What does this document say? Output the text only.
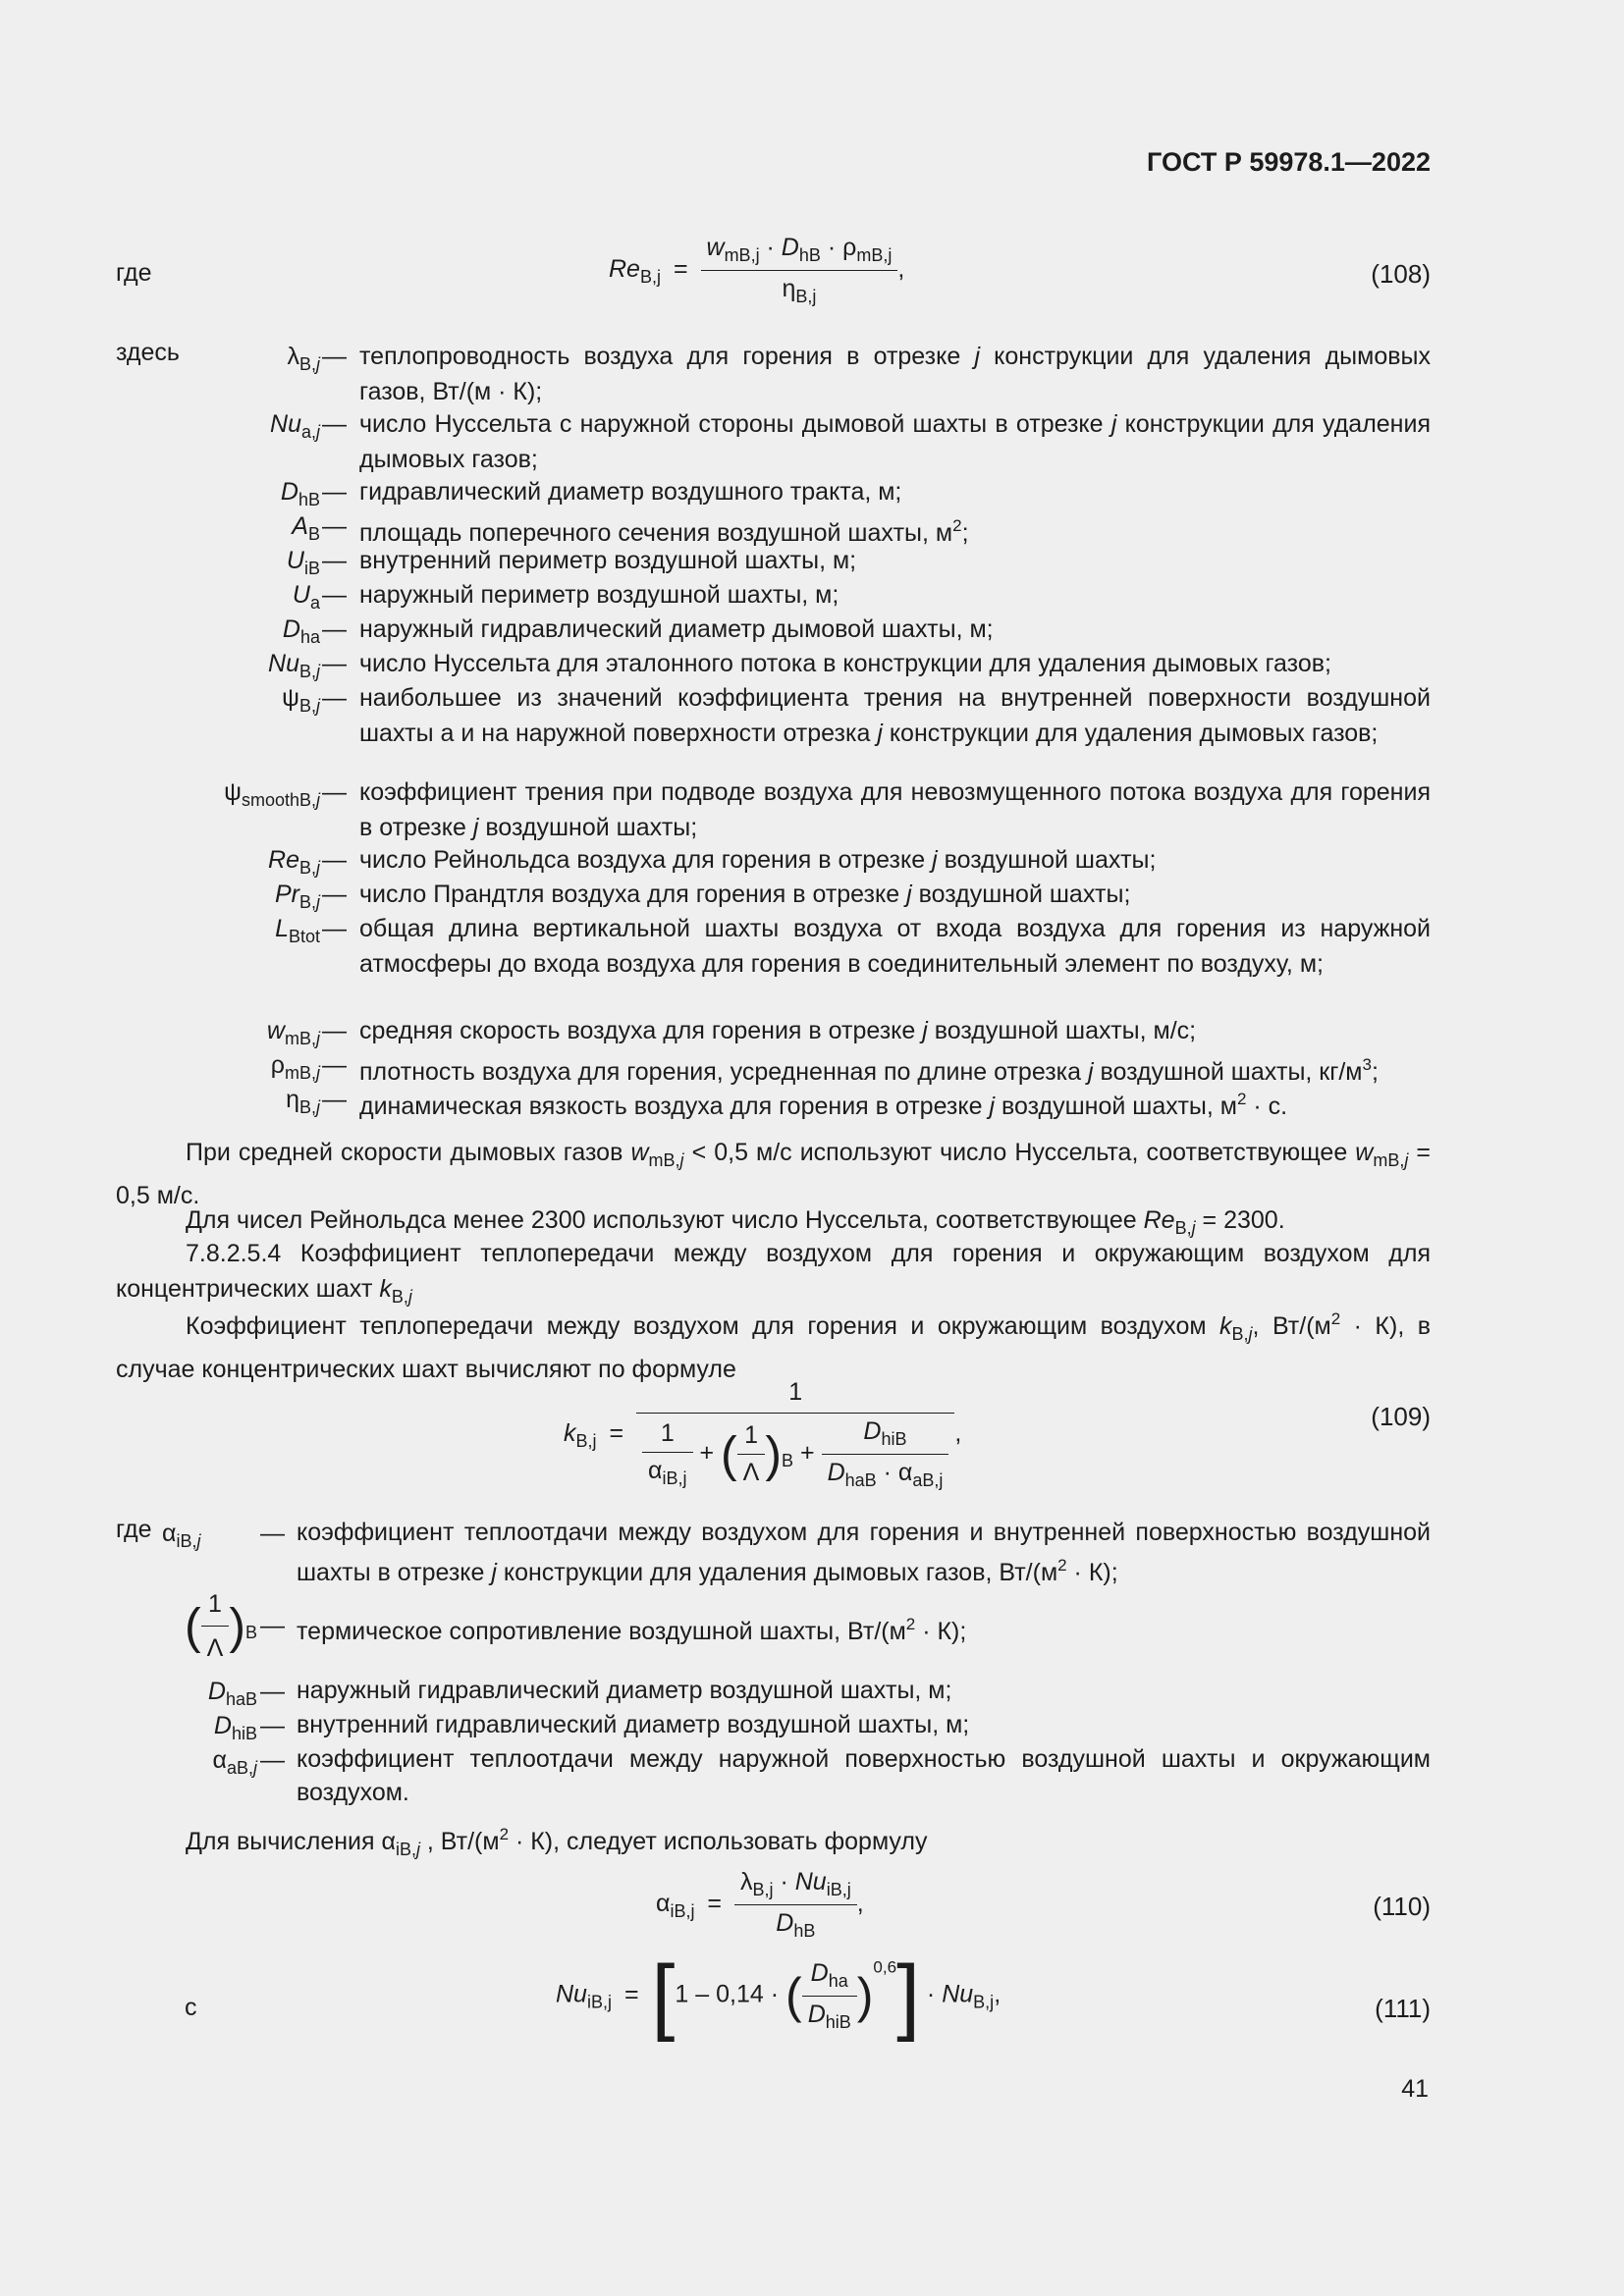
ГОСТ Р 59978.1—2022
где	$Re_{B,j} = \frac{w_{mB,j} \cdot D_{hB} \cdot \rho_{mB,j}}{\eta_{B,j}}$ ,	(108)
здесь	$\lambda_{B,j}$ — теплопроводность воздуха для горения в отрезке j конструкции для удаления дымовых газов, Вт/(м · К);
$Nu_{a,j}$ — число Нуссельта с наружной стороны дымовой шахты в отрезке j конструкции для удаления дымовых газов;
$D_{hB}$ — гидравлический диаметр воздушного тракта, м;
$A_B$ — площадь поперечного сечения воздушной шахты, $м^2$;
$U_{iB}$ — внутренний периметр воздушной шахты, м;
$U_a$ — наружный периметр воздушной шахты, м;
$D_{ha}$ — наружный гидравлический диаметр дымовой шахты, м;
$Nu_{B,j}$ — число Нуссельта для эталонного потока в конструкции для удаления дымовых газов;
$\psi_{B,j}$ — наибольшее из значений коэффициента трения на внутренней поверхности воздушной шахты а и на наружной поверхности отрезка j конструкции для удаления дымовых газов;
$\psi_{smoothB,j}$ — коэффициент трения при подводе воздуха для невозмущенного потока воздуха для горения в отрезке j воздушной шахты;
$Re_{B,j}$ — число Рейнольдса воздуха для горения в отрезке j воздушной шахты;
$Pr_{B,j}$ — число Прандтля воздуха для горения в отрезке j воздушной шахты;
$L_{Btot}$ — общая длина вертикальной шахты воздуха от входа воздуха для горения из наружной атмосферы до входа воздуха для горения в соединительный элемент по воздуху, м;
$w_{mB,j}$ — средняя скорость воздуха для горения в отрезке j воздушной шахты, м/с;
$\rho_{mB,j}$ — плотность воздуха для горения, усредненная по длине отрезка j воздушной шахты, $кг/м^3$;
$\eta_{B,j}$ — динамическая вязкость воздуха для горения в отрезке j воздушной шахты, $м^2 \cdot с$.
При средней скорости дымовых газов $w_{mB,j} < 0,5$ м/с используют число Нуссельта, соответствующее $w_{mB,j} = 0,5$ м/с.
Для чисел Рейнольдса менее 2300 используют число Нуссельта, соответствующее $Re_{B,j} = 2300$.
7.8.2.5.4 Коэффициент теплопередачи между воздухом для горения и окружающим воздухом для концентрических шахт $k_{B,j}$
Коэффициент теплопередачи между воздухом для горения и окружающим воздухом $k_{B,j}$, $Вт/(м^2 \cdot К)$, в случае концентрических шахт вычисляют по формуле
$k_{B,j}$ =
1
$\frac{1}{\alpha_{iB,j}}$ + ( $\frac{1}{\Lambda} )_B + \frac{D_{hiB}}{D_{haB} \cdot \alpha_{aB,j}}$ ,
(109)
где $\alpha_{iB,j}$ — коэффициент теплоотдачи между воздухом для горения и внутренней поверхностью воздушной шахты в отрезке j конструкции для удаления дымовых газов, $Вт/(м^2 \cdot К)$;
( $\frac{1}{\Lambda} )_B$ — термическое сопротивление воздушной шахты, $Вт/(м^2 \cdot К)$;
$D_{haB}$ — наружный гидравлический диаметр воздушной шахты, м;
$D_{hiB}$ — внутренний гидравлический диаметр воздушной шахты, м;
$\alpha_{aB,j}$ — коэффициент теплоотдачи между наружной поверхностью воздушной шахты и окружающим воздухом.
Для вычисления $\alpha_{iB,j}$ , $Вт/(м^2 \cdot К)$, следует использовать формулу
$\alpha_{iB,j} = \frac{\lambda_{B,j} \cdot Nu_{iB,j}}{D_{hB}}$ ,	(110)
с	$Nu_{iB,j} = [1 - 0,14$ · ( $\frac{D_{ha}}{D_{hiB}} )^{0,6}] \cdot Nu_{B,j}$,	(111)
41
